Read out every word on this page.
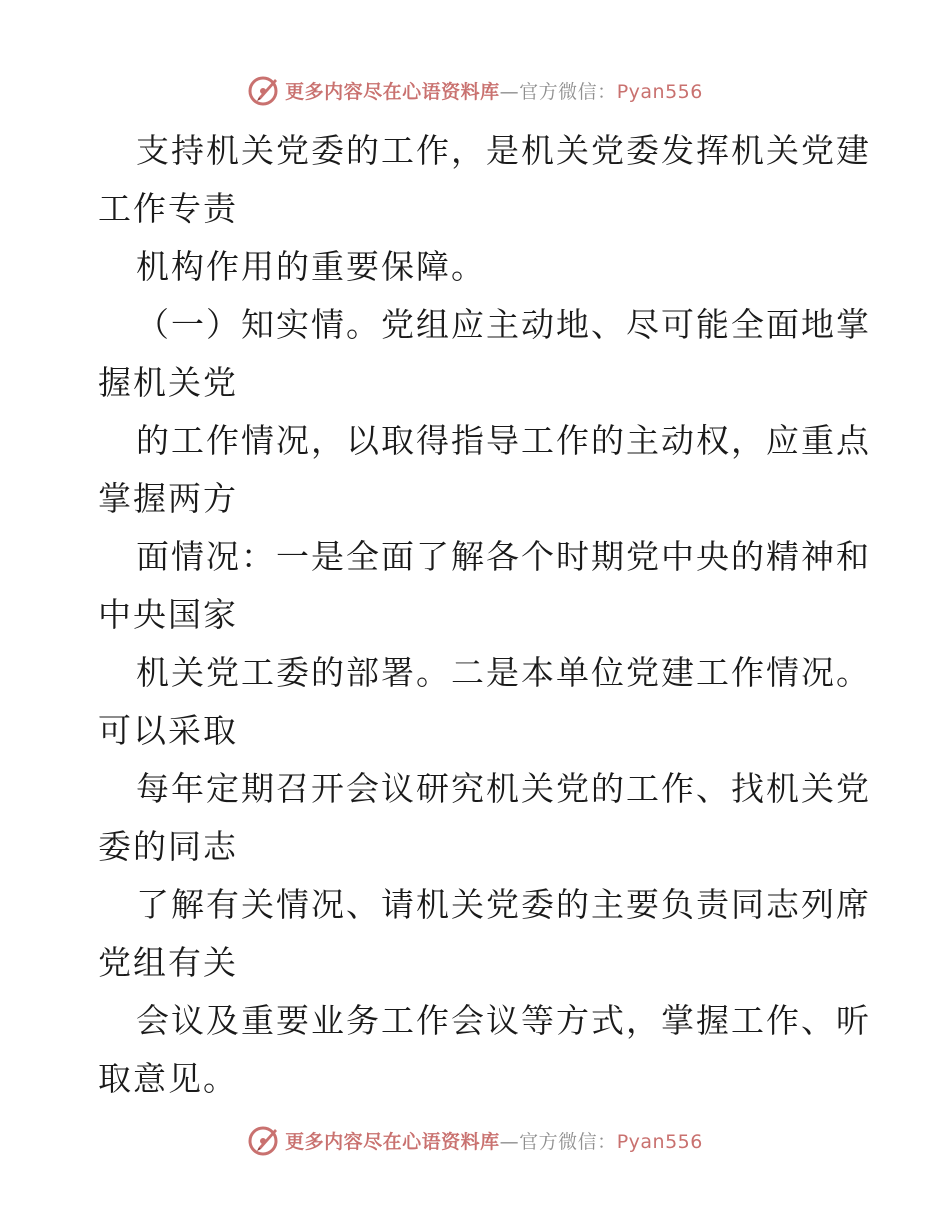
更多内容尽在心语资料库—官方微信：Pyan556
支持机关党委的工作，是机关党委发挥机关党建
工作专责
机构作用的重要保障。
（一）知实情。党组应主动地、尽可能全面地掌
握机关党
的工作情况，以取得指导工作的主动权，应重点
掌握两方
面情况：一是全面了解各个时期党中央的精神和
中央国家
机关党工委的部署。二是本单位党建工作情况。
可以采取
每年定期召开会议研究机关党的工作、找机关党
委的同志
了解有关情况、请机关党委的主要负责同志列席
党组有关
会议及重要业务工作会议等方式，掌握工作、听
取意见。
更多内容尽在心语资料库—官方微信：Pyan556
